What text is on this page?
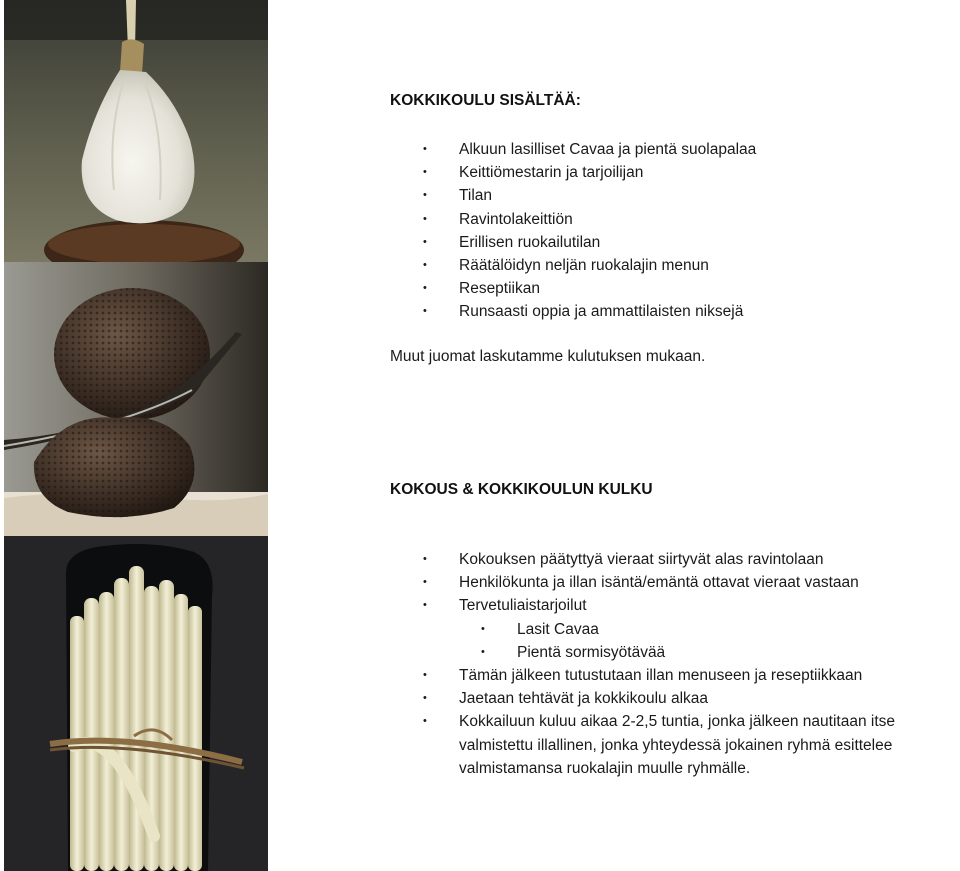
KOKKIKOULU SISÄLTÄÄ:
• Alkuun lasilliset Cavaa ja pientä suolapalaa
• Keittiömestarin ja tarjoilijan
• Tilan
• Ravintolakeittiön
• Erillisen ruokailutilan
• Räätälöidyn neljän ruokalajin menun
• Reseptiikan
• Runsaasti oppia ja ammattilaisten niksejä

Muut juomat laskutamme kulutuksen mukaan.

KOKOUS & KOKKIKOULUN KULKU
• Kokouksen päätyttyä vieraat siirtyvät alas ravintolaan
• Henkilökunta ja illan isäntä/emäntä ottavat vieraat vastaan
• Tervetuliaistarjoilut
• Lasit Cavaa
• Pientä sormisyötävää
• Tämän jälkeen tutustutaan illan menuseen ja reseptiikkaan
• Jaetaan tehtävät ja kokkikoulu alkaa
• Kokkailuun kuluu aikaa 2-2,5 tuntia, jonka jälkeen nautitaan itse
valmistettu illallinen, jonka yhteydessä jokainen ryhmä esittelee
valmistamansa ruokalajin muulle ryhmälle.
